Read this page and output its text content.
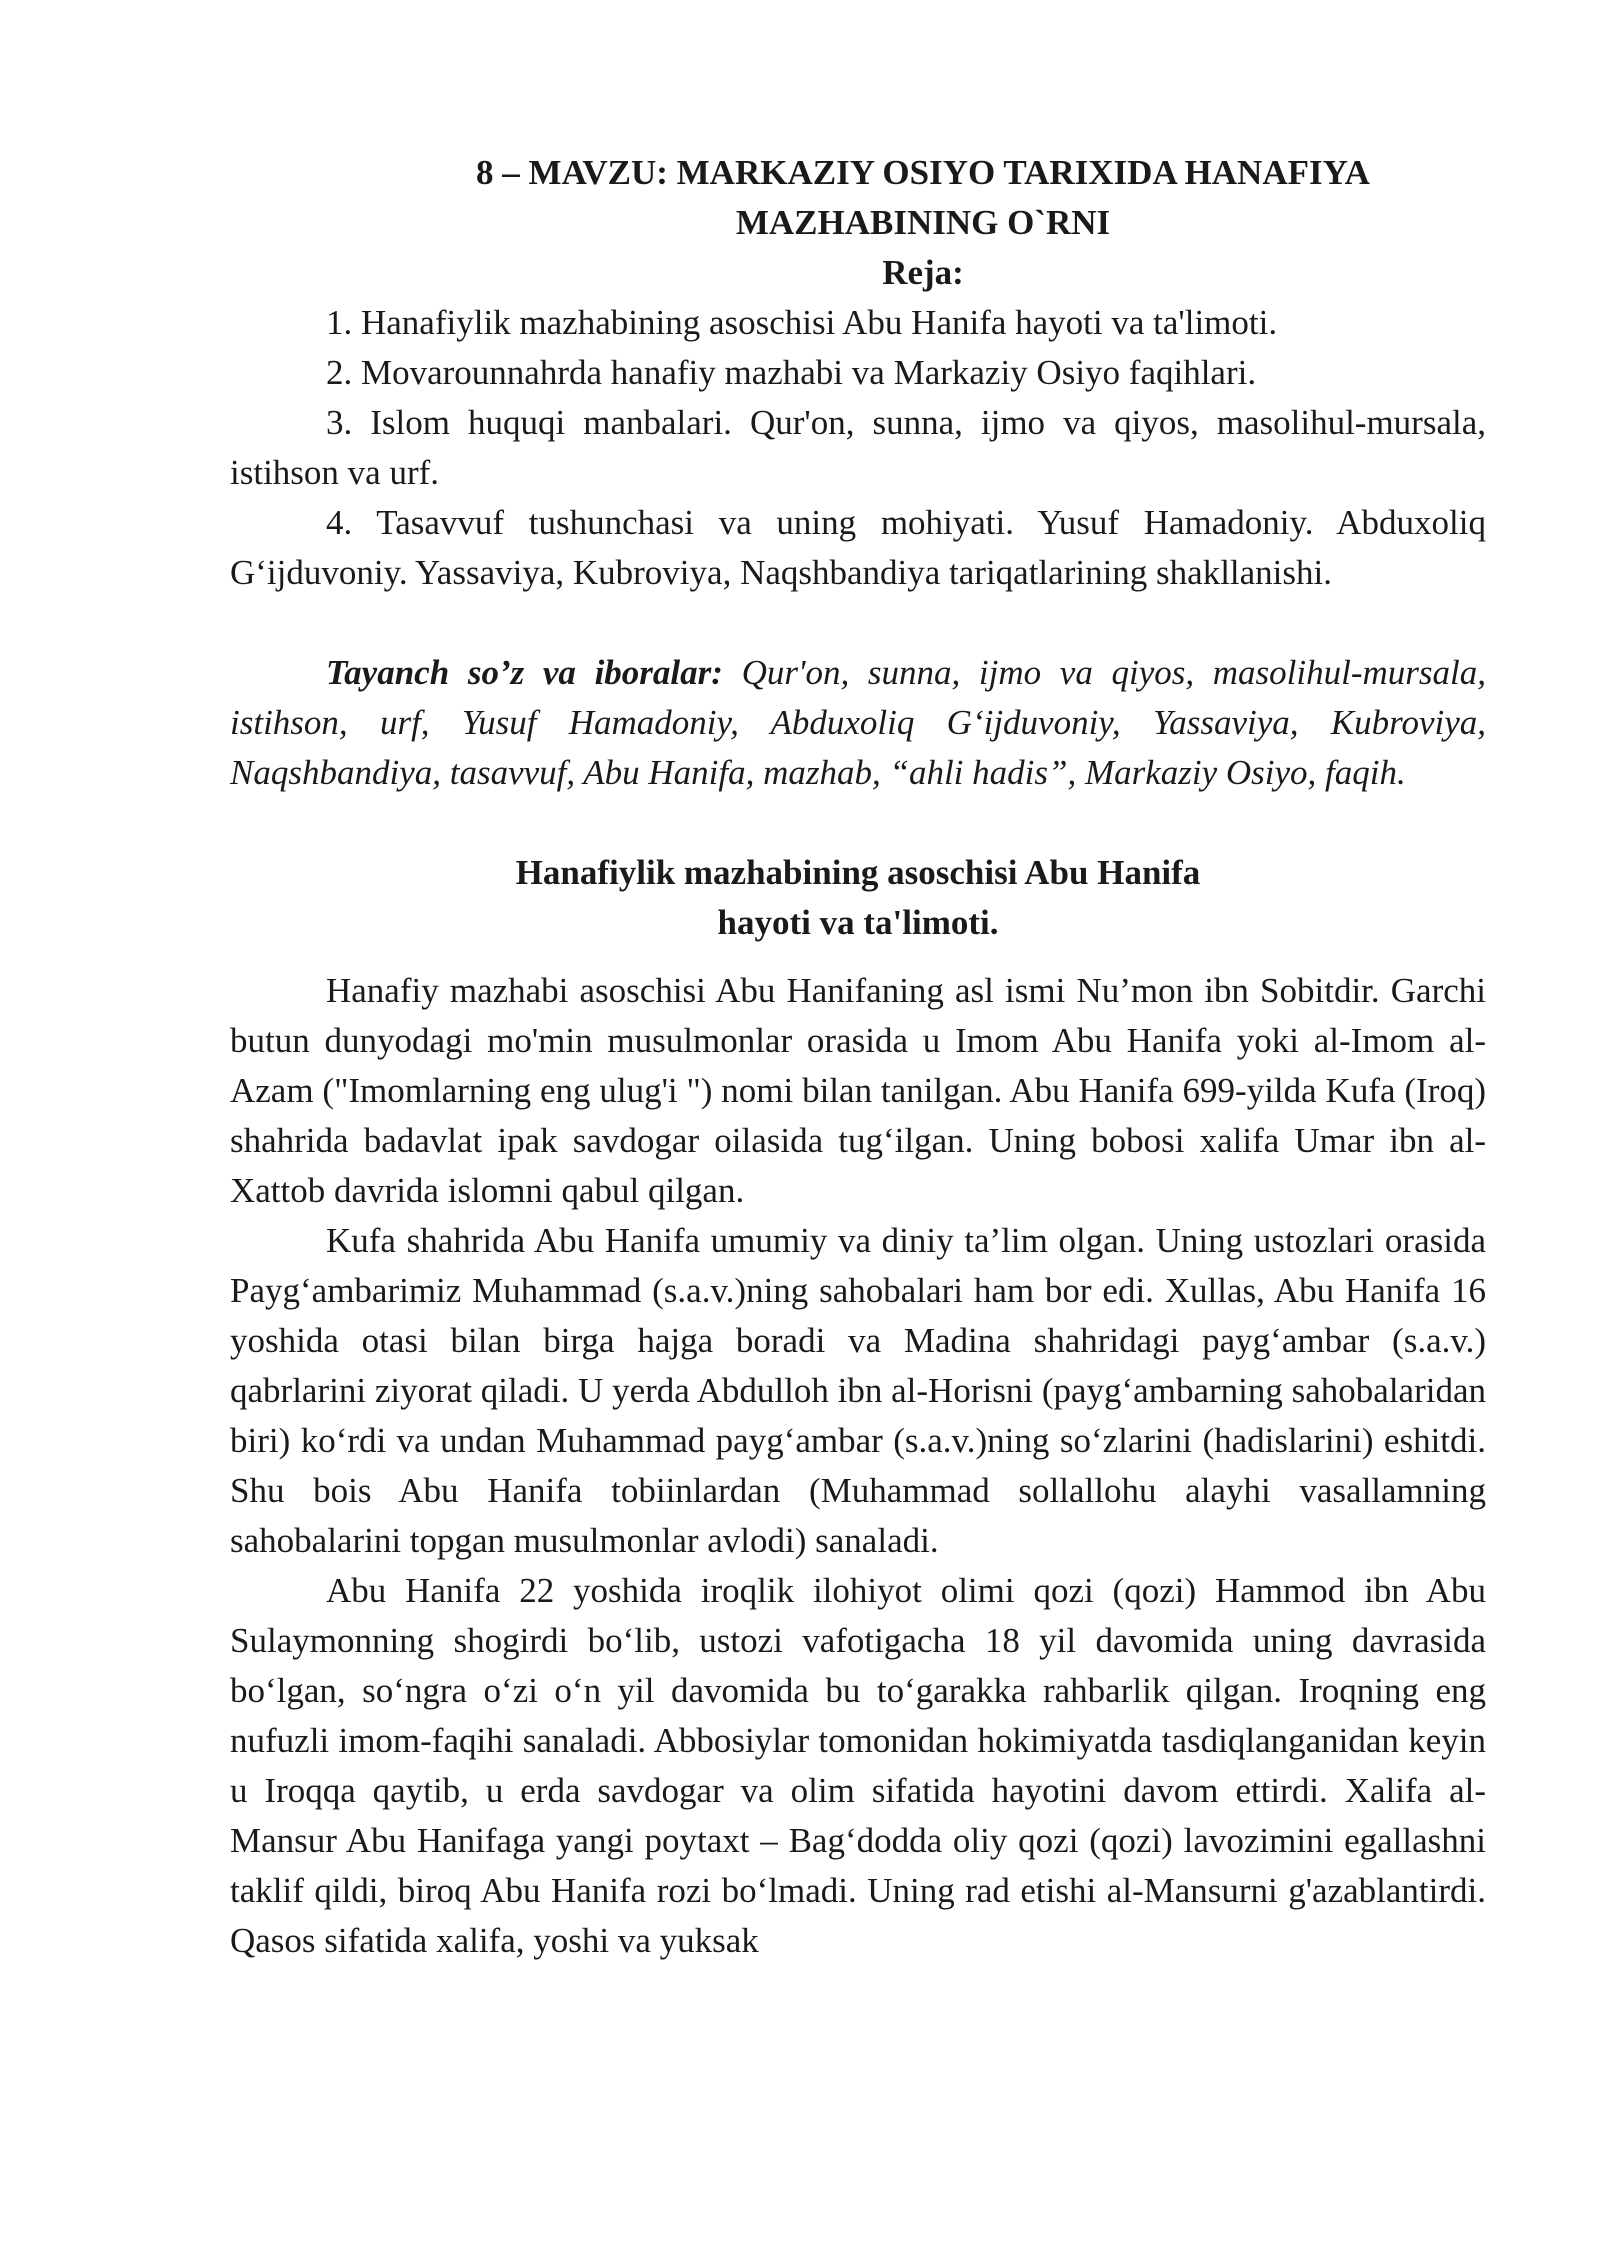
8 – MAVZU: MARKAZIY OSIYO TARIXIDA HANAFIYA
MAZHABINING O`RNI
Reja:
1. Hanafiylik mazhabining asoschisi Abu Hanifa hayoti va ta'limoti.
2. Movarounnahrda hanafiy mazhabi va Markaziy Osiyo faqihlari.
3. Islom huquqi manbalari. Qur'on, sunna, ijmo va qiyos, masolihul-mursala, istihson va urf.
4. Tasavvuf tushunchasi va uning mohiyati. Yusuf Hamadoniy. Abduxoliq G‘ijduvoniy. Yassaviya, Kubroviya, Naqshbandiya tariqatlarining shakllanishi.

Tayanch so’z va iboralar: Qur'on, sunna, ijmo va qiyos, masolihul-mursala, istihson, urf, Yusuf Hamadoniy, Abduxoliq G‘ijduvoniy, Yassaviya, Kubroviya, Naqshbandiya, tasavvuf, Abu Hanifa, mazhab, “ahli hadis”, Markaziy Osiyo, faqih.

Hanafiylik mazhabining asoschisi Abu Hanifa
hayoti va ta'limoti.

Hanafiy mazhabi asoschisi Abu Hanifaning asl ismi Nu’mon ibn Sobitdir. Garchi butun dunyodagi mo'min musulmonlar orasida u Imom Abu Hanifa yoki al-Imom al-Azam ("Imomlarning eng ulug'i ") nomi bilan tanilgan. Abu Hanifa 699-yilda Kufa (Iroq) shahrida badavlat ipak savdogar oilasida tug‘ilgan. Uning bobosi xalifa Umar ibn al-Xattob davrida islomni qabul qilgan.

Kufa shahrida Abu Hanifa umumiy va diniy ta’lim olgan. Uning ustozlari orasida Payg‘ambarimiz Muhammad (s.a.v.)ning sahobalari ham bor edi. Xullas, Abu Hanifa 16 yoshida otasi bilan birga hajga boradi va Madina shahridagi payg‘ambar (s.a.v.) qabrlarini ziyorat qiladi. U yerda Abdulloh ibn al-Horisni (payg‘ambarning sahobalaridan biri) ko‘rdi va undan Muhammad payg‘ambar (s.a.v.)ning so‘zlarini (hadislarini) eshitdi. Shu bois Abu Hanifa tobiinlardan (Muhammad sollallohu alayhi vasallamning sahobalarini topgan musulmonlar avlodi) sanaladi.

Abu Hanifa 22 yoshida iroqlik ilohiyot olimi qozi (qozi) Hammod ibn Abu Sulaymonning shogirdi bo‘lib, ustozi vafotigacha 18 yil davomida uning davrasida bo‘lgan, so‘ngra o‘zi o‘n yil davomida bu to‘garakka rahbarlik qilgan. Iroqning eng nufuzli imom-faqihi sanaladi. Abbosiylar tomonidan hokimiyatda tasdiqlanganidan keyin u Iroqqa qaytib, u erda savdogar va olim sifatida hayotini davom ettirdi. Xalifa al-Mansur Abu Hanifaga yangi poytaxt – Bag‘dodda oliy qozi (qozi) lavozimini egallashni taklif qildi, biroq Abu Hanifa rozi bo‘lmadi. Uning rad etishi al-Mansurni g'azablantirdi. Qasos sifatida xalifa, yoshi va yuksak
